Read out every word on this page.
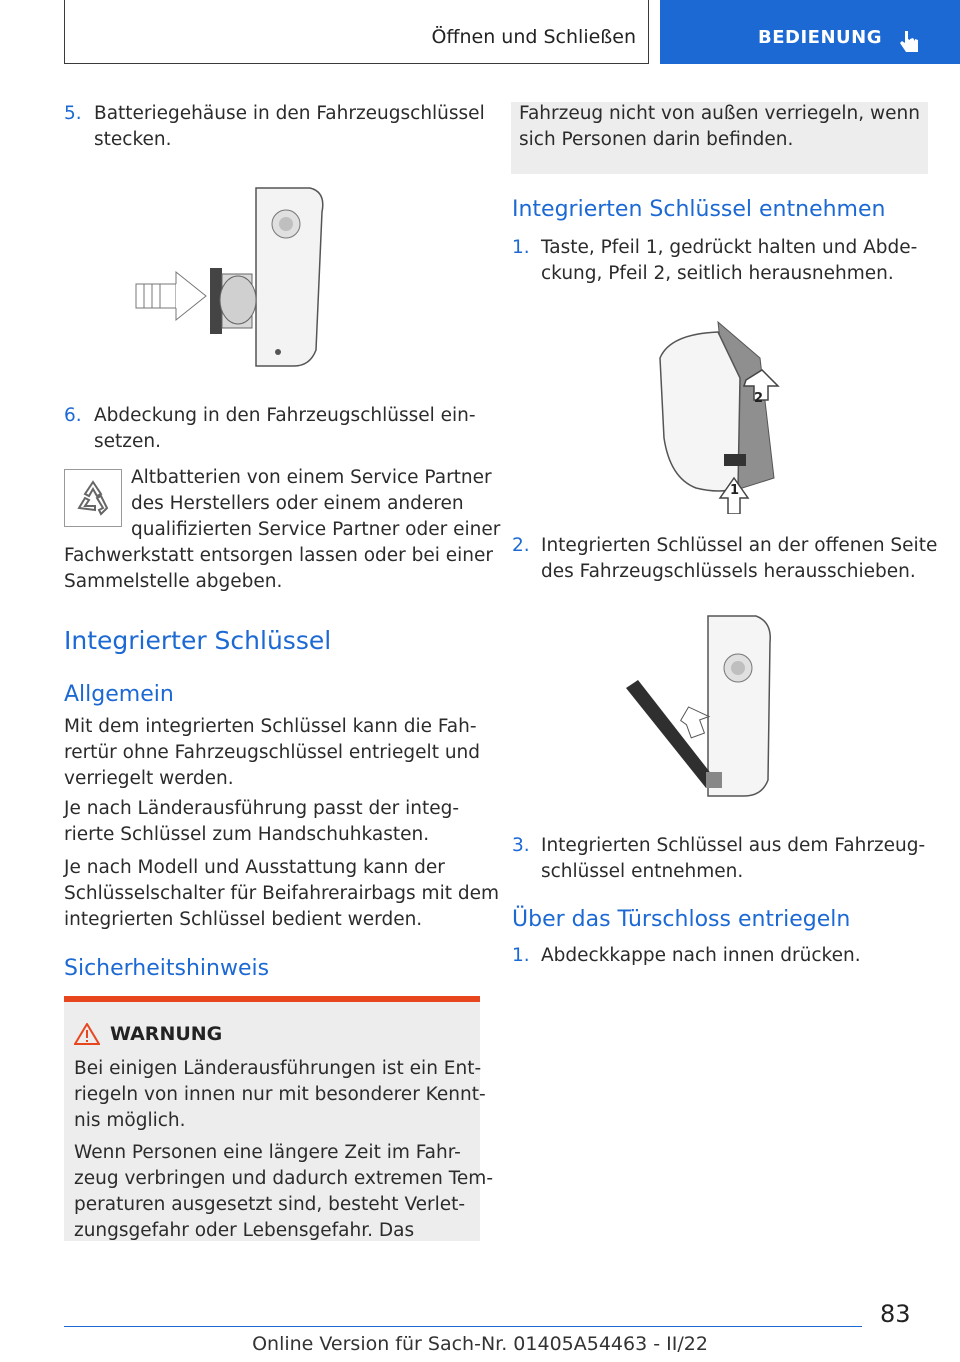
Öffnen und Schließen	BEDIENUNG
5. Batteriegehäuse in den Fahrzeugschlüssel
stecken.
6. Abdeckung in den Fahrzeugschlüssel ein-
setzen.
Altbatterien von einem Service Partner
des Herstellers oder einem anderen
qualifizierten Service Partner oder einer
Fachwerkstatt entsorgen lassen oder bei einer
Sammelstelle abgeben.
Integrierter Schlüssel
Allgemein
Mit dem integrierten Schlüssel kann die Fah-
rertür ohne Fahrzeugschlüssel entriegelt und
verriegelt werden.
Je nach Länderausführung passt der integ-
rierte Schlüssel zum Handschuhkasten.
Je nach Modell und Ausstattung kann der
Schlüsselschalter für Beifahrerairbags mit dem
integrierten Schlüssel bedient werden.
Sicherheitshinweis
WARNUNG
Bei einigen Länderausführungen ist ein Ent-
riegeln von innen nur mit besonderer Kennt-
nis möglich.
Wenn Personen eine längere Zeit im Fahr-
zeug verbringen und dadurch extremen Tem-
peraturen ausgesetzt sind, besteht Verlet-
zungsgefahr oder Lebensgefahr. Das
Fahrzeug nicht von außen verriegeln, wenn
sich Personen darin befinden.
Integrierten Schlüssel entnehmen
1. Taste, Pfeil 1, gedrückt halten und Abde-
ckung, Pfeil 2, seitlich herausnehmen.
2
1
2. Integrierten Schlüssel an der offenen Seite
des Fahrzeugschlüssels herausschieben.
3. Integrierten Schlüssel aus dem Fahrzeug-
schlüssel entnehmen.
Über das Türschloss entriegeln
1. Abdeckkappe nach innen drücken.
83
Online Version für Sach-Nr. 01405A54463 - II/22
